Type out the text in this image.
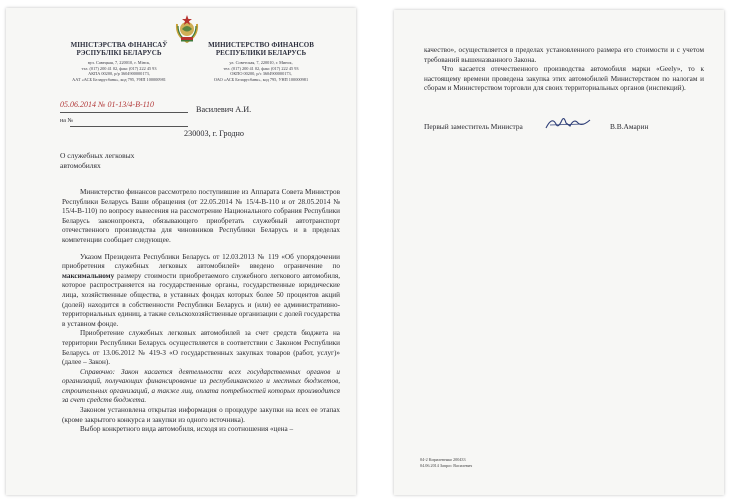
МІНІСТЭРСТВА ФІНАНСАЎ
РЭСПУБЛІКІ БЕЛАРУСЬ
вул. Савецкая, 7, 220010, г. Мінск,
тэл. (017) 200 41 02, факс (017) 222 45 93
АКПА 00200, р/р 3604900000173,
ААТ «АСБ Беларусбанк», код 795, УНП 100000981
МИНИСТЕРСТВО ФИНАНСОВ
РЕСПУБЛИКИ БЕЛАРУСЬ
ул. Советская, 7, 220010, г. Минск,
тел. (017) 200 41 02, факс (017) 222 45 93
ОКПО 00200, р/с 3604900000173,
ОАО «АСБ Беларусбанк», код 795, УНП 100000981
05.06.2014 № 01-13/4-В-110
на №
Василевич А.И.
230003, г. Гродно
О служебных легковых
автомобилях

Министерство финансов рассмотрело поступившие из Аппарата Совета Министров Республики Беларусь Ваши обращения (от 22.05.2014 № 15/4-В-110 и от 28.05.2014 № 15/4-В-110) по вопросу вынесения на рассмотрение Национального собрания Республики Беларусь законопроекта, обязывающего приобретать служебный автотранспорт отечественного производства для чиновников Республики Беларусь и в пределах компетенции сообщает следующее.

Указом Президента Республики Беларусь от 12.03.2013 № 119 «Об упорядочении приобретения служебных легковых автомобилей» введено ограничение по максимальному размеру стоимости приобретаемого служебного легкового автомобиля, которое распространяется на государственные органы, государственные юридические лица, хозяйственные общества, в уставных фондах которых более 50 процентов акций (долей) находится в собственности Республики Беларусь и (или) ее административно-территориальных единиц, а также сельскохозяйственные организации с долей государства в уставном фонде.

Приобретение служебных легковых автомобилей за счет средств бюджета на территории Республики Беларусь осуществляется в соответствии с Законом Республики Беларусь от 13.06.2012 № 419-З «О государственных закупках товаров (работ, услуг)» (далее – Закон).

Справочно: Закон касается деятельности всех государственных органов и организаций, получающих финансирование из республиканского и местных бюджетов, строительных организаций, а также лиц, оплата потребностей которых производится за счет средств бюджета.

Законом установлена открытая информация о процедуре закупки на всех ее этапах (кроме закрытого конкурса и закупки из одного источника).

Выбор конкретного вида автомобиля, исходя из соотношения «цена –

качество», осуществляется в пределах установленного размера его стоимости и с учетом требований вышеназванного Закона.

Что касается отечественного производства автомобиля марки «Geely», то к настоящему времени проведена закупка этих автомобилей Министерством по налогам и сборам и Министерством торговли для своих территориальных органов (инспекций).

Первый заместитель Министра	В.В.Амарин
04-2 Кирилевенко 200433
04.06.2014 Запрос Василевич
